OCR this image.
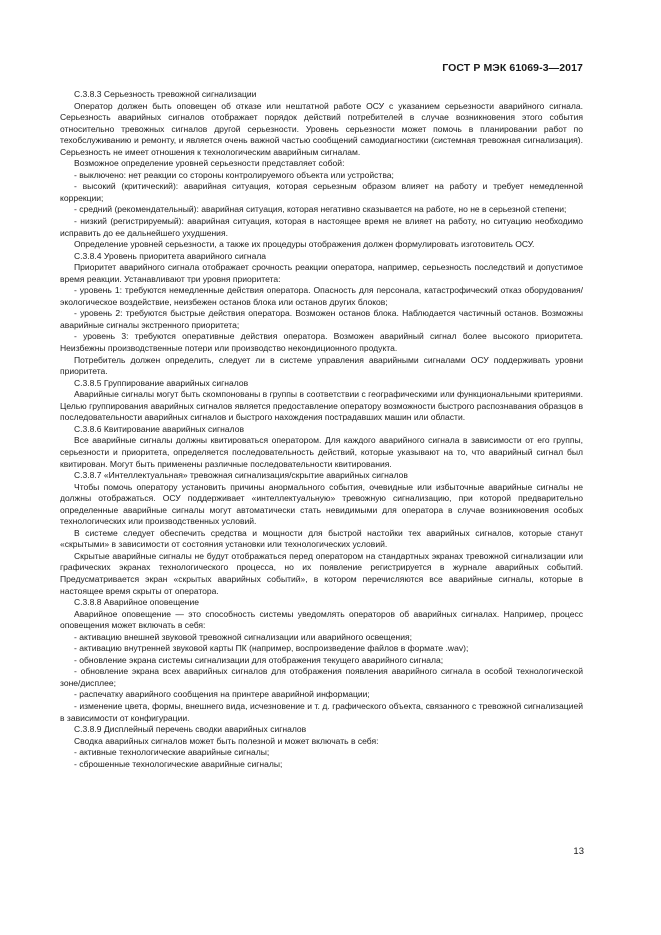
ГОСТ Р МЭК 61069-3—2017

С.3.8.3 Серьезность тревожной сигнализации

Оператор должен быть оповещен об отказе или нештатной работе ОСУ с указанием серьезности аварийного сигнала. Серьезность аварийных сигналов отображает порядок действий потребителей в случае возникновения этого события относительно тревожных сигналов другой серьезности. Уровень серьезности может помочь в планировании работ по техобслуживанию и ремонту, и является очень важной частью сообщений самодиагностики (системная тревожная сигнализация). Серьезность не имеет отношения к технологическим аварийным сигналам.

Возможное определение уровней серьезности представляет собой:

- выключено: нет реакции со стороны контролируемого объекта или устройства;

- высокий (критический): аварийная ситуация, которая серьезным образом влияет на работу и требует немедленной коррекции;

- средний (рекомендательный): аварийная ситуация, которая негативно сказывается на работе, но не в серьезной степени;

- низкий (регистрируемый): аварийная ситуация, которая в настоящее время не влияет на работу, но ситуацию необходимо исправить до ее дальнейшего ухудшения.

Определение уровней серьезности, а также их процедуры отображения должен формулировать изготовитель ОСУ.

С.3.8.4 Уровень приоритета аварийного сигнала

Приоритет аварийного сигнала отображает срочность реакции оператора, например, серьезность последствий и допустимое время реакции. Устанавливают три уровня приоритета:

- уровень 1: требуются немедленные действия оператора. Опасность для персонала, катастрофический отказ оборудования/экологическое воздействие, неизбежен останов блока или останов других блоков;

- уровень 2: требуются быстрые действия оператора. Возможен останов блока. Наблюдается частичный останов. Возможны аварийные сигналы экстренного приоритета;

- уровень 3: требуются оперативные действия оператора. Возможен аварийный сигнал более высокого приоритета. Неизбежны производственные потери или производство некондиционного продукта.

Потребитель должен определить, следует ли в системе управления аварийными сигналами ОСУ поддерживать уровни приоритета.

С.3.8.5 Группирование аварийных сигналов

Аварийные сигналы могут быть скомпонованы в группы в соответствии с географическими или функциональными критериями. Целью группирования аварийных сигналов является предоставление оператору возможности быстрого распознавания образцов в последовательности аварийных сигналов и быстрого нахождения пострадавших машин или области.

С.3.8.6 Квитирование аварийных сигналов

Все аварийные сигналы должны квитироваться оператором. Для каждого аварийного сигнала в зависимости от его группы, серьезности и приоритета, определяется последовательность действий, которые указывают на то, что аварийный сигнал был квитирован. Могут быть применены различные последовательности квитирования.

С.3.8.7 «Интеллектуальная» тревожная сигнализация/скрытие аварийных сигналов

Чтобы помочь оператору установить причины анормального события, очевидные или избыточные аварийные сигналы не должны отображаться. ОСУ поддерживает «интеллектуальную» тревожную сигнализацию, при которой предварительно определенные аварийные сигналы могут автоматически стать невидимыми для оператора в случае возникновения особых технологических или производственных условий.

В системе следует обеспечить средства и мощности для быстрой настойки тех аварийных сигналов, которые станут «скрытыми» в зависимости от состояния установки или технологических условий.

Скрытые аварийные сигналы не будут отображаться перед оператором на стандартных экранах тревожной сигнализации или графических экранах технологического процесса, но их появление регистрируется в журнале аварийных событий. Предусматривается экран «скрытых аварийных событий», в котором перечисляются все аварийные сигналы, которые в настоящее время скрыты от оператора.

С.3.8.8 Аварийное оповещение

Аварийное оповещение — это способность системы уведомлять операторов об аварийных сигналах. Например, процесс оповещения может включать в себя:

- активацию внешней звуковой тревожной сигнализации или аварийного освещения;

- активацию внутренней звуковой карты ПК (например, воспроизведение файлов в формате .wav);

- обновление экрана системы сигнализации для отображения текущего аварийного сигнала;

- обновление экрана всех аварийных сигналов для отображения появления аварийного сигнала в особой технологической зоне/дисплее;

- распечатку аварийного сообщения на принтере аварийной информации;

- изменение цвета, формы, внешнего вида, исчезновение и т. д. графического объекта, связанного с тревожной сигнализацией в зависимости от конфигурации.

С.3.8.9 Дисплейный перечень сводки аварийных сигналов

Сводка аварийных сигналов может быть полезной и может включать в себя:

- активные технологические аварийные сигналы;

- сброшенные технологические аварийные сигналы;

13
